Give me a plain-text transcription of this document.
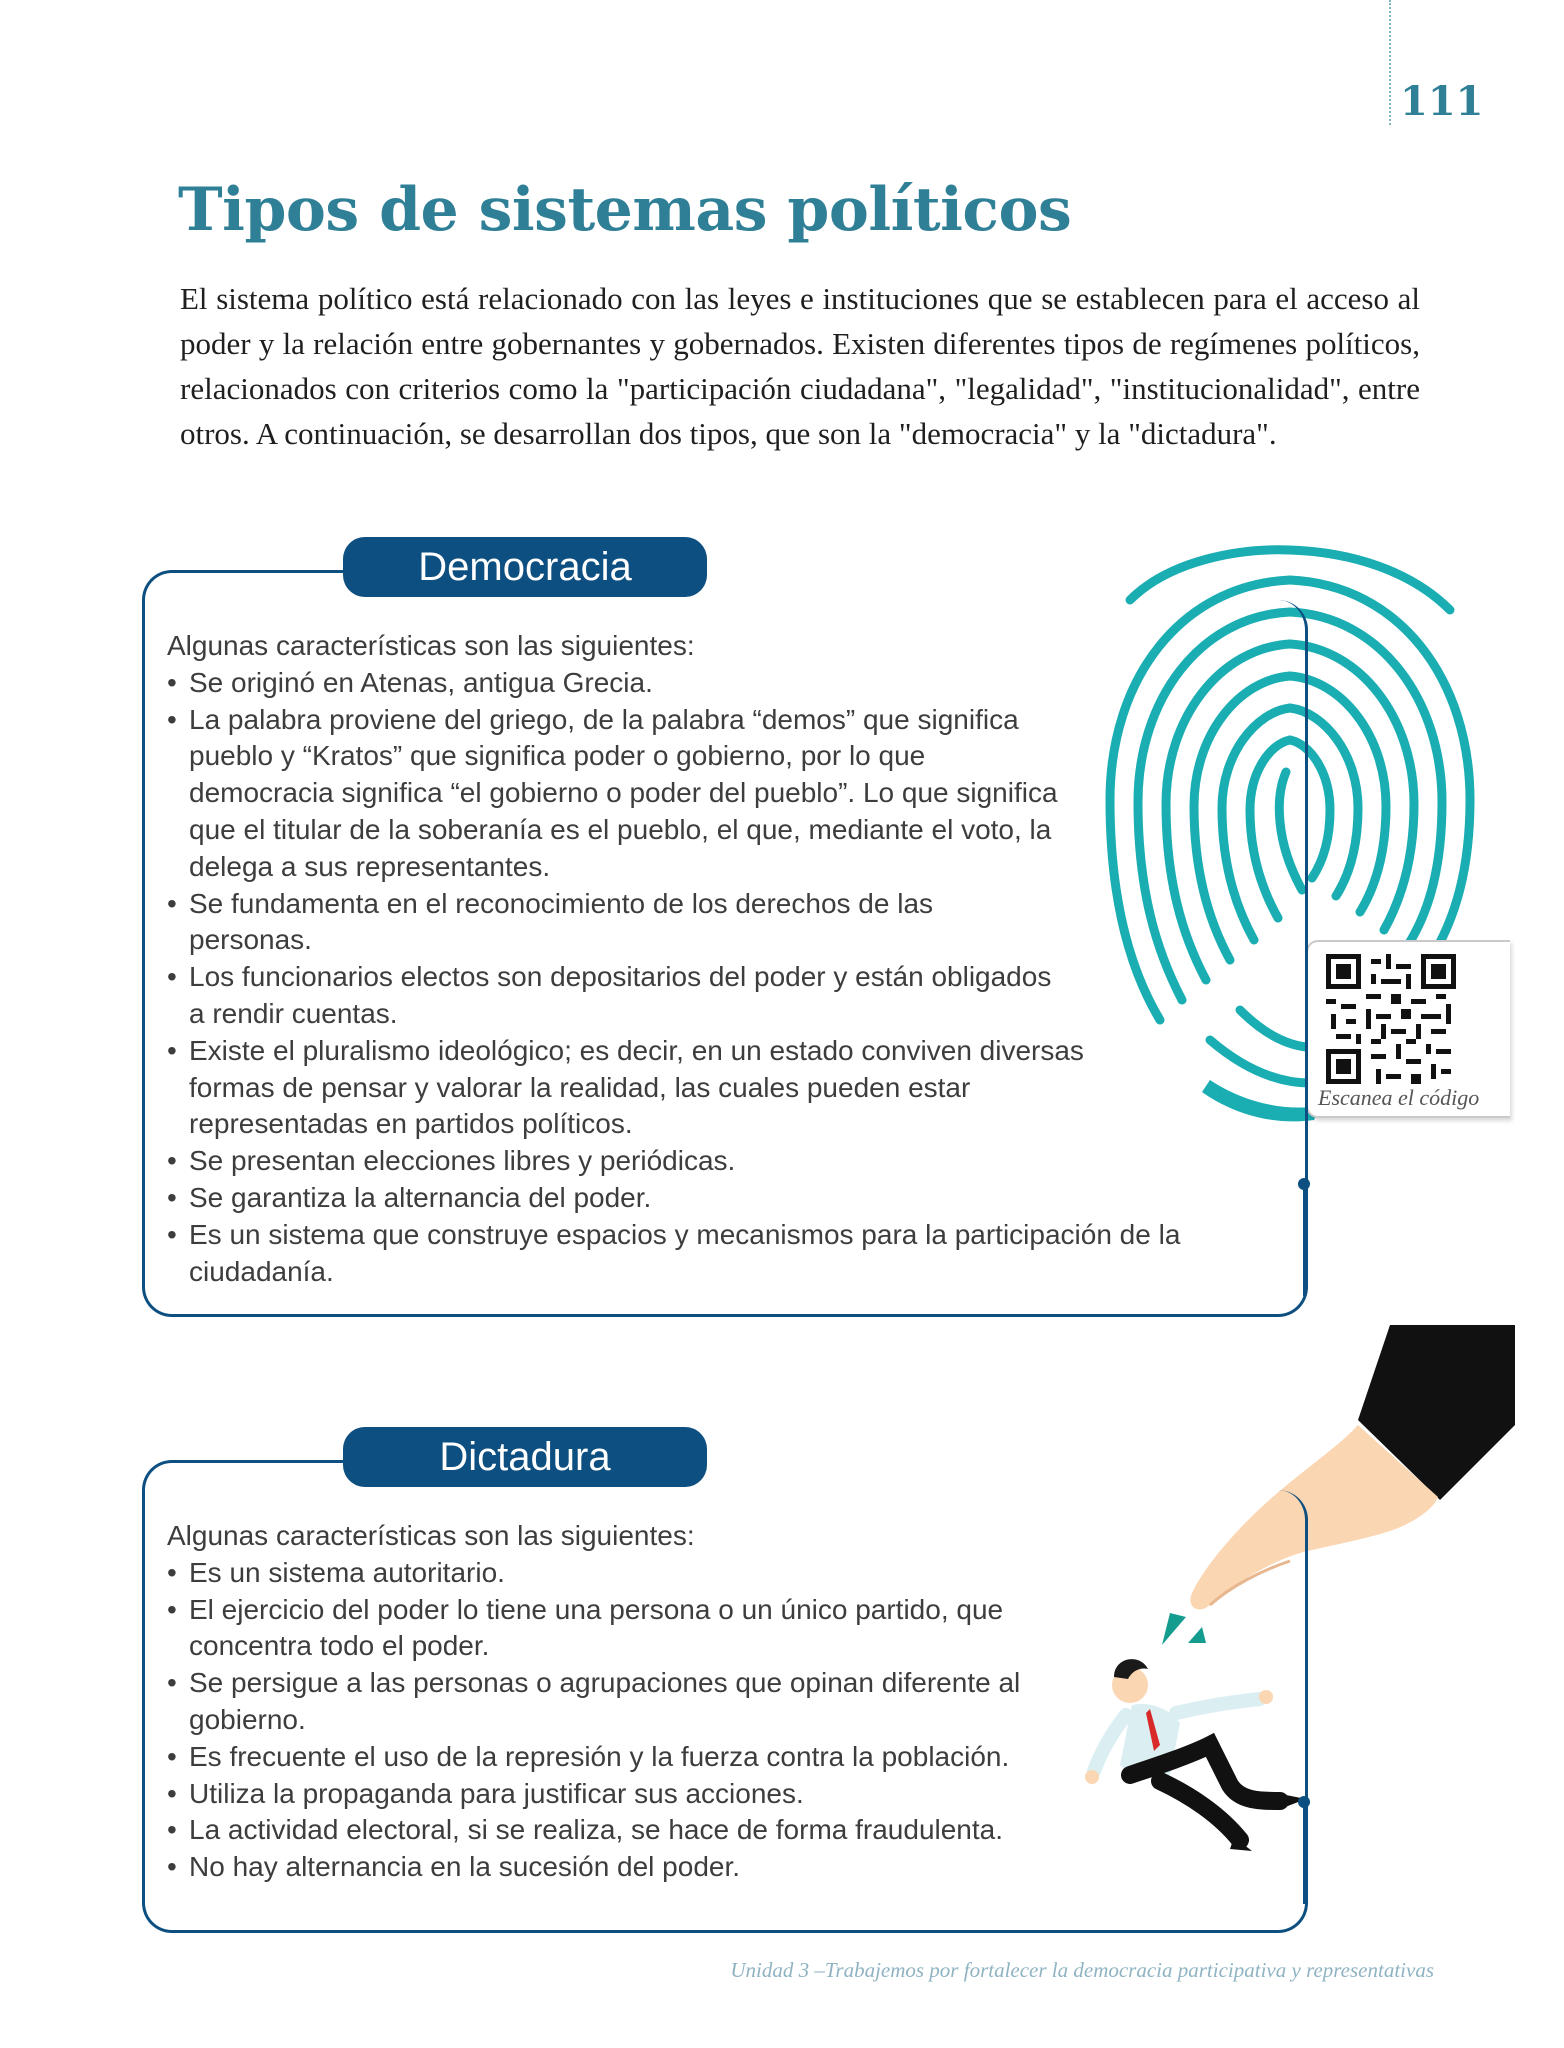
111
Tipos de sistemas políticos

El sistema político está relacionado con las leyes e instituciones que se establecen para el acceso al poder y la relación entre gobernantes y gobernados. Existen diferentes tipos de regímenes políticos, relacionados con criterios como la "participación ciudadana", "legalidad", "institucionalidad", entre otros. A continuación, se desarrollan dos tipos, que son la "democracia" y la "dictadura".

Escanea el código
Democracia

Algunas características son las siguientes:

• Se originó en Atenas, antigua Grecia.
• La palabra proviene del griego, de la palabra “demos” que significa pueblo y “Kratos” que significa poder o gobierno, por lo que democracia significa “el gobierno o poder del pueblo”. Lo que significa que el titular de la soberanía es el pueblo, el que, mediante el voto, la delega a sus representantes.
• Se fundamenta en el reconocimiento de los derechos de las personas.
• Los funcionarios electos son depositarios del poder y están obligados a rendir cuentas.
• Existe el pluralismo ideológico; es decir, en un estado conviven diversas formas de pensar y valorar la realidad, las cuales pueden estar representadas en partidos políticos.
• Se presentan elecciones libres y periódicas.
• Se garantiza la alternancia del poder.
• Es un sistema que construye espacios y mecanismos para la participación de la ciudadanía.
Dictadura

Algunas características son las siguientes:

• Es un sistema autoritario.
• El ejercicio del poder lo tiene una persona o un único partido, que concentra todo el poder.
• Se persigue a las personas o agrupaciones que opinan diferente al gobierno.
• Es frecuente el uso de la represión y la fuerza contra la población.
• Utiliza la propaganda para justificar sus acciones.
• La actividad electoral, si se realiza, se hace de forma fraudulenta.
• No hay alternancia en la sucesión del poder.

Unidad 3 –Trabajemos por fortalecer la democracia participativa y representativas
